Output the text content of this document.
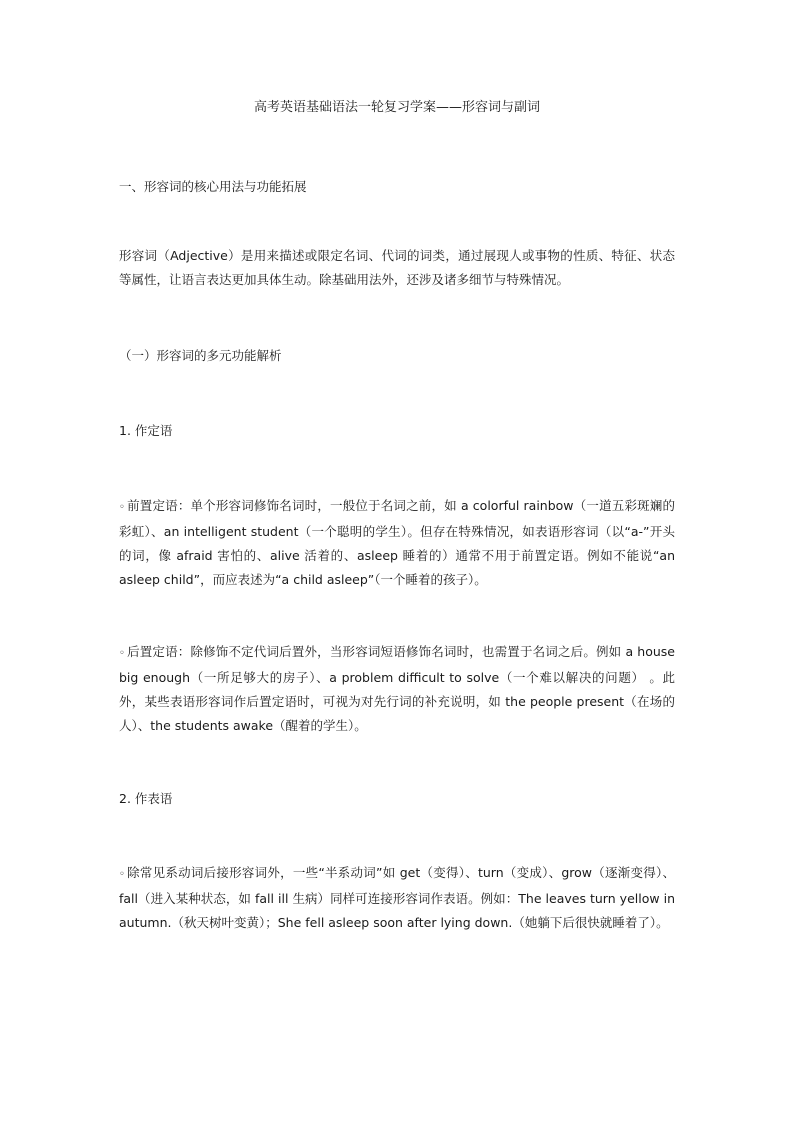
高考英语基础语法一轮复习学案——形容词与副词
一、形容词的核心用法与功能拓展
形容词（Adjective）是用来描述或限定名词、代词的词类，通过展现人或事物的性质、特征、状态等属性，让语言表达更加具体生动。除基础用法外，还涉及诸多细节与特殊情况。
（一）形容词的多元功能解析
1. 作定语
◦ 前置定语：单个形容词修饰名词时，一般位于名词之前，如 a colorful rainbow（一道五彩斑斓的彩虹）、an intelligent student（一个聪明的学生）。但存在特殊情况，如表语形容词（以“a-”开头的词，像 afraid 害怕的、alive 活着的、asleep 睡着的）通常不用于前置定语。例如不能说“an asleep child”，而应表述为“a child asleep”（一个睡着的孩子）。
◦ 后置定语：除修饰不定代词后置外，当形容词短语修饰名词时，也需置于名词之后。例如 a house big enough（一所足够大的房子）、a problem difficult to solve（一个难以解决的问题） 。此外，某些表语形容词作后置定语时，可视为对先行词的补充说明，如 the people present（在场的人）、the students awake（醒着的学生）。
2. 作表语
◦ 除常见系动词后接形容词外，一些“半系动词”如 get（变得）、turn（变成）、grow（逐渐变得）、fall（进入某种状态，如 fall ill 生病）同样可连接形容词作表语。例如：The leaves turn yellow in autumn.（秋天树叶变黄）；She fell asleep soon after lying down.（她躺下后很快就睡着了）。
